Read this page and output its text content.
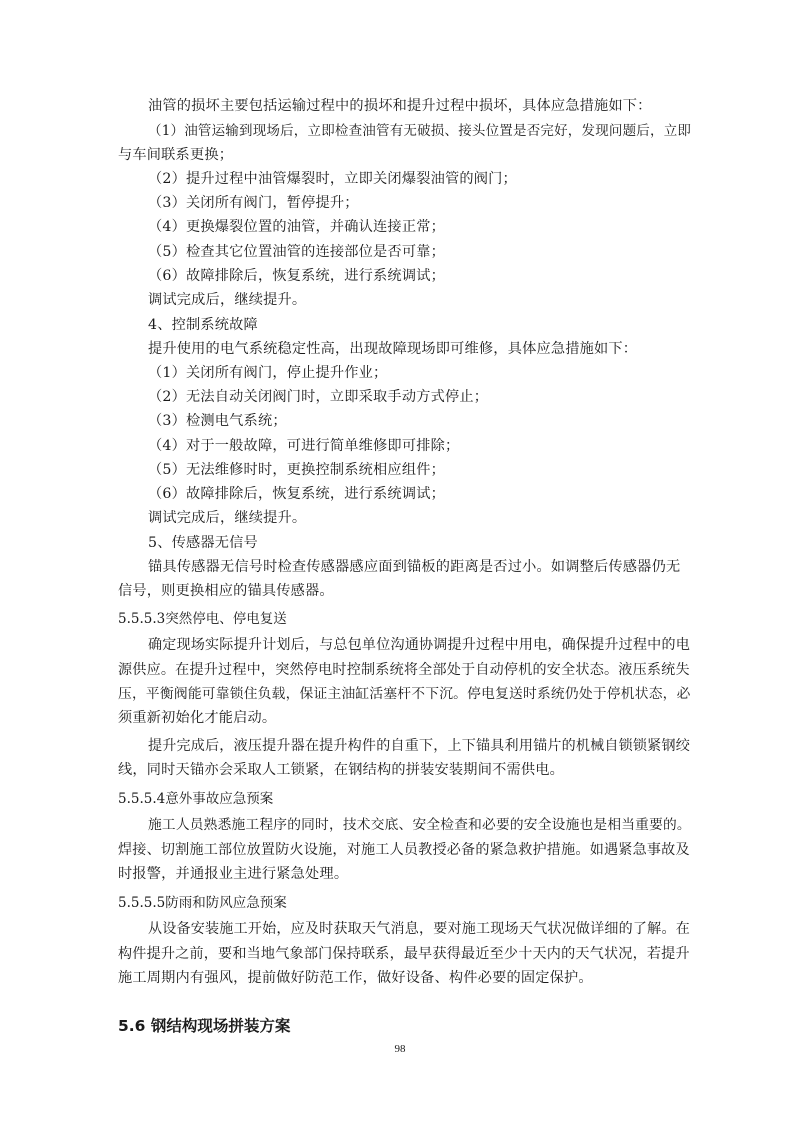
油管的损坏主要包括运输过程中的损坏和提升过程中损坏，具体应急措施如下：
（1）油管运输到现场后，立即检查油管有无破损、接头位置是否完好，发现问题后，立即
与车间联系更换；
（2）提升过程中油管爆裂时，立即关闭爆裂油管的阀门；
（3）关闭所有阀门，暂停提升；
（4）更换爆裂位置的油管，并确认连接正常；
（5）检查其它位置油管的连接部位是否可靠；
（6）故障排除后，恢复系统，进行系统调试；
调试完成后，继续提升。
4、控制系统故障
提升使用的电气系统稳定性高，出现故障现场即可维修，具体应急措施如下：
（1）关闭所有阀门，停止提升作业；
（2）无法自动关闭阀门时，立即采取手动方式停止；
（3）检测电气系统；
（4）对于一般故障，可进行简单维修即可排除；
（5）无法维修时时，更换控制系统相应组件；
（6）故障排除后，恢复系统，进行系统调试；
调试完成后，继续提升。
5、传感器无信号
锚具传感器无信号时检查传感器感应面到锚板的距离是否过小。如调整后传感器仍无
信号，则更换相应的锚具传感器。
5.5.5.3突然停电、停电复送
确定现场实际提升计划后，与总包单位沟通协调提升过程中用电，确保提升过程中的电
源供应。在提升过程中，突然停电时控制系统将全部处于自动停机的安全状态。液压系统失
压，平衡阀能可靠锁住负载，保证主油缸活塞杆不下沉。停电复送时系统仍处于停机状态，必
须重新初始化才能启动。
提升完成后，液压提升器在提升构件的自重下，上下锚具利用锚片的机械自锁锁紧钢绞
线，同时天锚亦会采取人工锁紧，在钢结构的拼装安装期间不需供电。
5.5.5.4意外事故应急预案
施工人员熟悉施工程序的同时，技术交底、安全检查和必要的安全设施也是相当重要的。
焊接、切割施工部位放置防火设施，对施工人员教授必备的紧急救护措施。如遇紧急事故及
时报警，并通报业主进行紧急处理。
5.5.5.5防雨和防风应急预案
从设备安装施工开始，应及时获取天气消息，要对施工现场天气状况做详细的了解。在
构件提升之前，要和当地气象部门保持联系，最早获得最近至少十天内的天气状况，若提升
施工周期内有强风，提前做好防范工作，做好设备、构件必要的固定保护。
5.6 钢结构现场拼装方案
98
